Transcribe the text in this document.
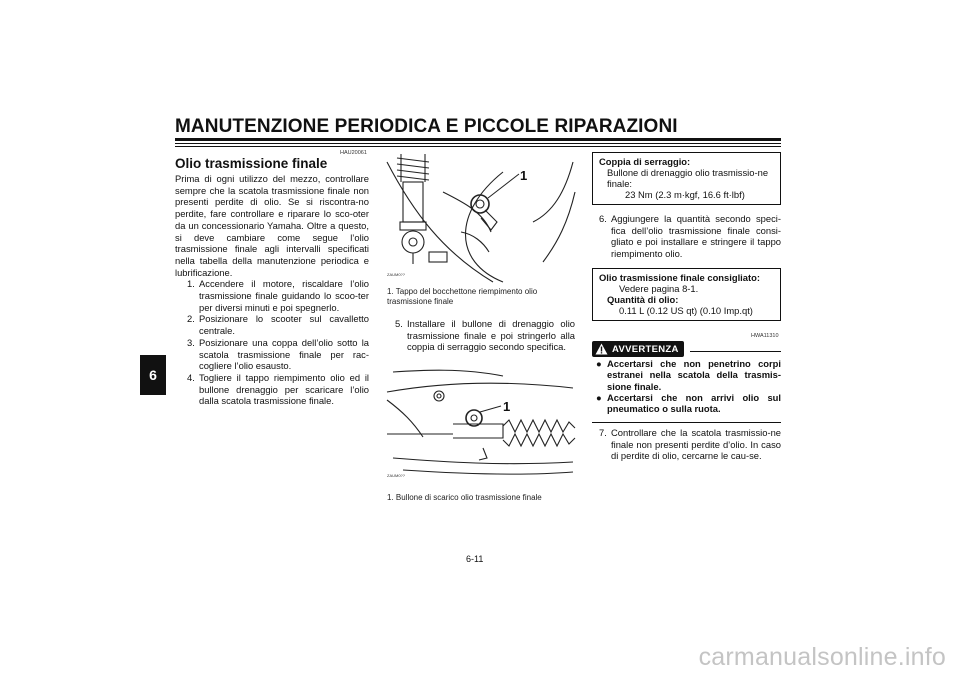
MANUTENZIONE PERIODICA E PICCOLE RIPARAZIONI
6
HAU20061
Olio trasmissione finale
Prima di ogni utilizzo del mezzo, controllare sempre che la scatola trasmissione finale non presenti perdite di olio. Se si riscontra-no perdite, fare controllare e riparare lo sco-oter da un concessionario Yamaha. Oltre a questo, si deve cambiare come segue l’olio trasmissione finale agli intervalli specificati nella tabella della manutenzione periodica e lubrificazione.
1. Accendere il motore, riscaldare l’olio trasmissione finale guidando lo scoo-ter per diversi minuti e poi spegnerlo.
2. Posizionare lo scooter sul cavalletto centrale.
3. Posizionare una coppa dell’olio sotto la scatola trasmissione finale per rac-cogliere l’olio esausto.
4. Togliere il tappo riempimento olio ed il bullone drenaggio per scaricare l’olio dalla scatola trasmissione finale.
1
ZAUM0??
1. Tappo del bocchettone riempimento olio trasmissione finale
5. Installare il bullone di drenaggio olio trasmissione finale e poi stringerlo alla coppia di serraggio secondo specifica.
1
ZAUM0??
1. Bullone di scarico olio trasmissione finale
Coppia di serraggio:
Bullone di drenaggio olio trasmissio-ne finale:
23 Nm (2.3 m·kgf, 16.6 ft·lbf)
6. Aggiungere la quantità secondo speci-fica dell’olio trasmissione finale consi-gliato e poi installare e stringere il tappo riempimento olio.
Olio trasmissione finale consigliato:
Vedere pagina 8-1.
Quantità di olio:
0.11 L (0.12 US qt) (0.10 Imp.qt)
HWA11310
AVVERTENZA
● Accertarsi che non penetrino corpi estranei nella scatola della trasmis-sione finale.
● Accertarsi che non arrivi olio sul pneumatico o sulla ruota.
7. Controllare che la scatola trasmissio-ne finale non presenti perdite d’olio. In caso di perdite di olio, cercarne le cau-se.
6-11
carmanualsonline.info
